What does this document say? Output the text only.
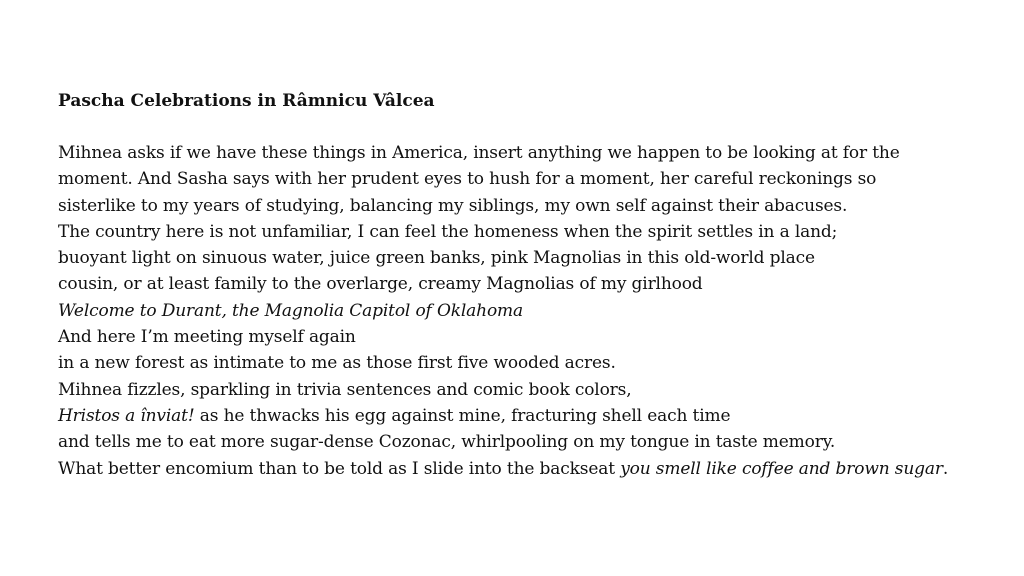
Pascha Celebrations in Râmnicu Vâlcea
Mihnea asks if we have these things in America, insert anything we happen to be looking at for the
moment. And Sasha says with her prudent eyes to hush for a moment, her careful reckonings so
sisterlike to my years of studying, balancing my siblings, my own self against their abacuses.
The country here is not unfamiliar, I can feel the homeness when the spirit settles in a land;
buoyant light on sinuous water, juice green banks, pink Magnolias in this old-world place
cousin, or at least family to the overlarge, creamy Magnolias of my girlhood
Welcome to Durant, the Magnolia Capitol of Oklahoma
And here I’m meeting myself again
in a new forest as intimate to me as those first five wooded acres.
Mihnea fizzles, sparkling in trivia sentences and comic book colors,
Hristos a înviat! as he thwacks his egg against mine, fracturing shell each time
and tells me to eat more sugar-dense Cozonac, whirlpooling on my tongue in taste memory.
What better encomium than to be told as I slide into the backseat you smell like coffee and brown sugar.
